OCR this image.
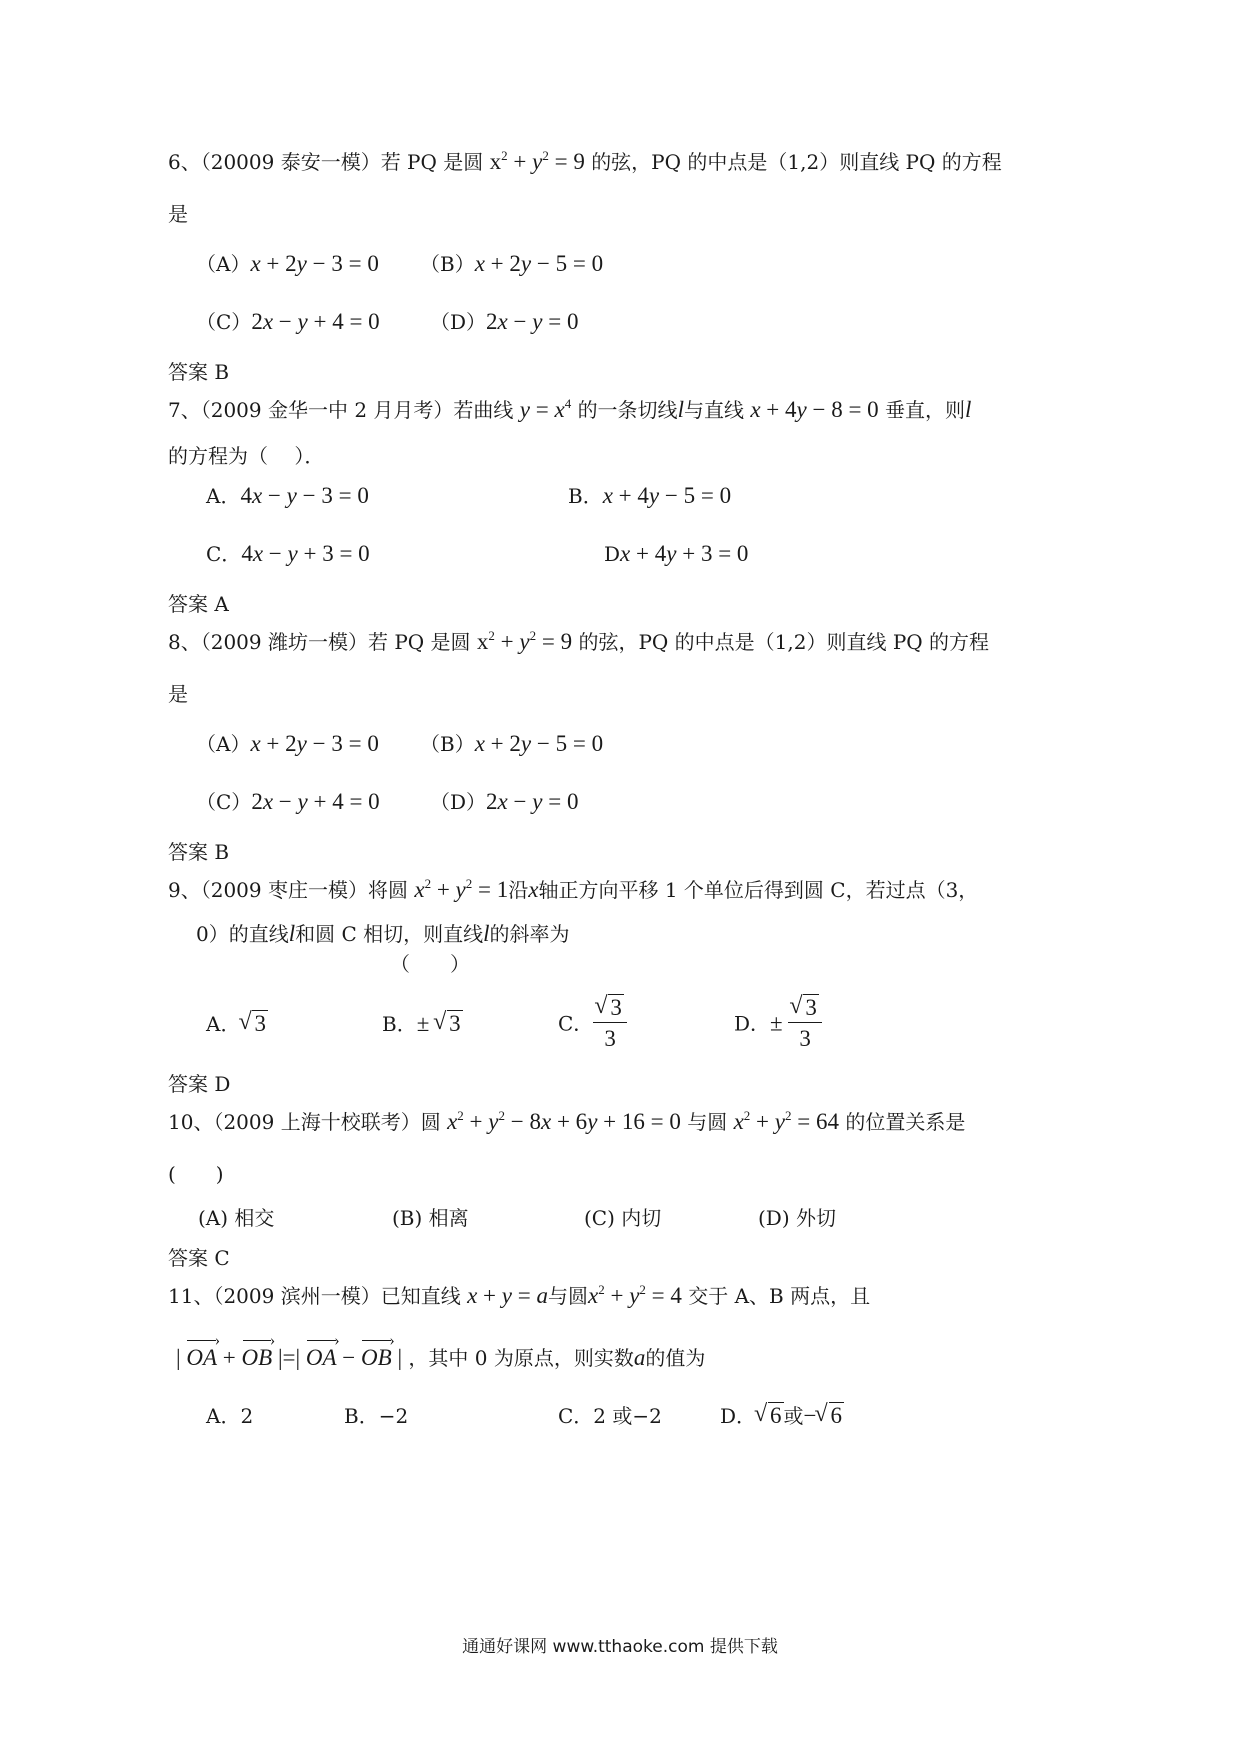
6、（20009 泰安一模）若 PQ 是圆 $x^2 + y^2 = 9$ 的弦，PQ 的中点是（1,2）则直线 PQ 的方程
是
（A）x + 2y − 3 = 0 （B）x + 2y − 5 = 0
（C）2x − y + 4 = 0	（D）2x − y = 0
答案 B
7、（2009 金华一中 2 月月考）若曲线 $y = x^4$ 的一条切线l与直线 x + 4y − 8 = 0 垂直，则l
的方程为（　 ）．
A．4x − y − 3 = 0	B．x + 4y − 5 = 0
C．4x − y + 3 = 0	Dx + 4y + 3 = 0
答案 A
8、（2009 潍坊一模）若 PQ 是圆 $x^2 + y^2 = 9$ 的弦，PQ 的中点是（1,2）则直线 PQ 的方程
是
（A）x + 2y − 3 = 0 （B）x + 2y − 5 = 0
（C）2x − y + 4 = 0	（D）2x − y = 0
答案 B
9、（2009 枣庄一模）将圆 $x^2 + y^2 = 1$沿x轴正方向平移 1 个单位后得到圆 C，若过点（3，
0）的直线l和圆 C 相切，则直线l的斜率为
（　　）
A． √ 3	B．± √ 3	C． √ $\frac{3}{3}$	D．± √ $\frac{3}{3}$
答案 D
10、（2009 上海十校联考）圆 $x^2 + y^2 - 8x + 6y + 16 = 0$ 与圆 $x^2 + y^2 = 64$ 的位置关系是
(　　)
(A) 相交	(B) 相离	(C) 内切	(D) 外切
答案 C
11、（2009 滨州一模）已知直线 x + y = a与圆$x^2 + y^2 = 4$ 交于 A、B 两点，且
| › OA + › OB |=| › OA − › OB | ，其中 0 为原点，则实数a的值为
A．2	B．−2	C．2 或−2	D． √ 6 或− √ 6
通通好课网 www.tthaoke.com 提供下载
